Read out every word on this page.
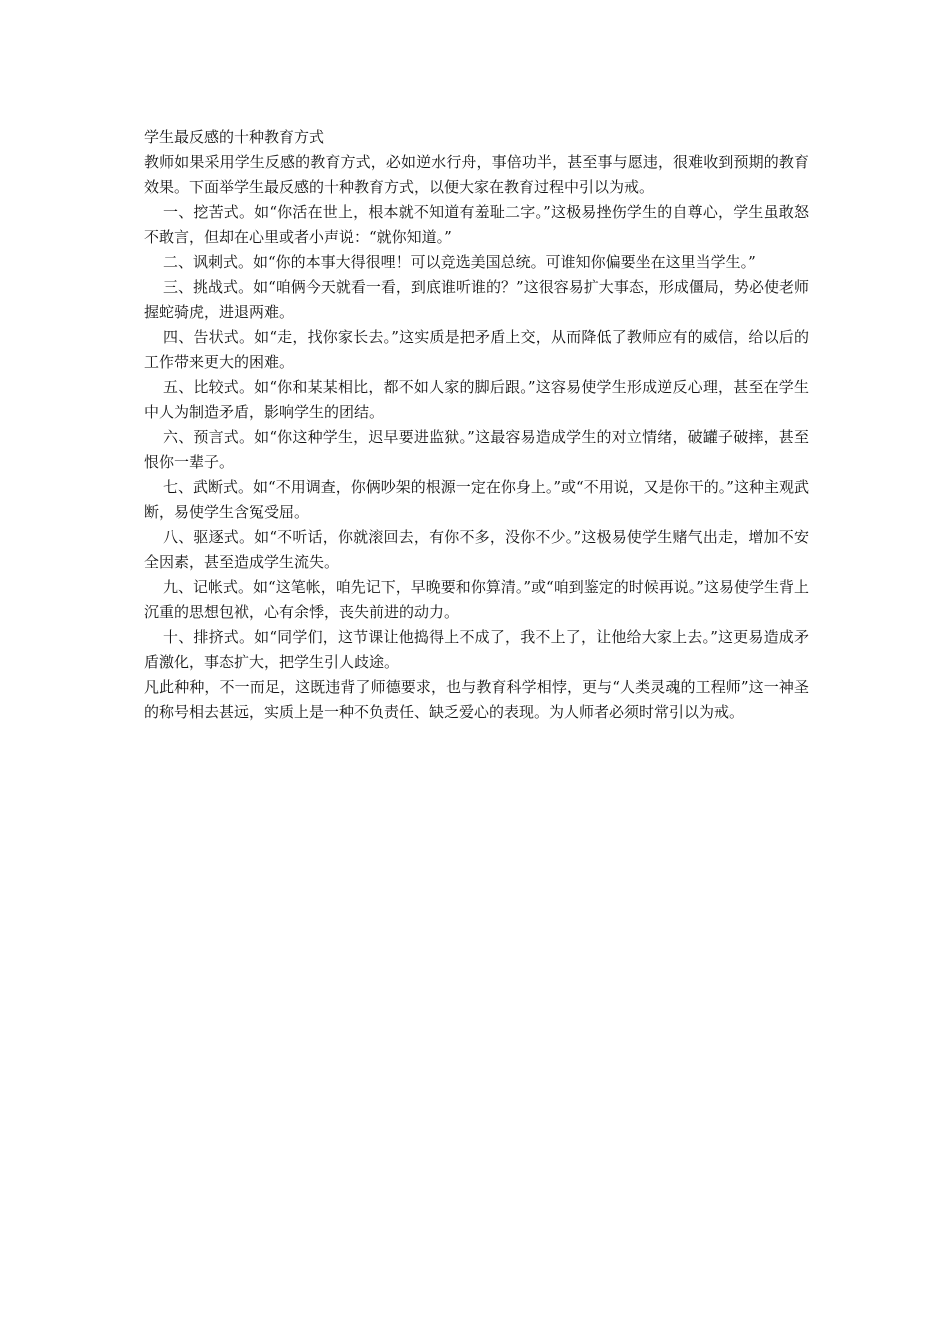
学生最反感的十种教育方式

教师如果采用学生反感的教育方式，必如逆水行舟，事倍功半，甚至事与愿违，很难收到预期的教育效果。下面举学生最反感的十种教育方式，以便大家在教育过程中引以为戒。

一、挖苦式。如“你活在世上，根本就不知道有羞耻二字。”这极易挫伤学生的自尊心，学生虽敢怒不敢言，但却在心里或者小声说：“就你知道。”

二、讽刺式。如“你的本事大得很哩！可以竞选美国总统。可谁知你偏要坐在这里当学生。”

三、挑战式。如“咱俩今天就看一看，到底谁听谁的？”这很容易扩大事态，形成僵局，势必使老师握蛇骑虎，进退两难。

四、告状式。如“走，找你家长去。”这实质是把矛盾上交，从而降低了教师应有的威信，给以后的工作带来更大的困难。

五、比较式。如“你和某某相比，都不如人家的脚后跟。”这容易使学生形成逆反心理，甚至在学生中人为制造矛盾，影响学生的团结。

六、预言式。如“你这种学生，迟早要进监狱。”这最容易造成学生的对立情绪，破罐子破摔，甚至恨你一辈子。

七、武断式。如“不用调查，你俩吵架的根源一定在你身上。”或“不用说，又是你干的。”这种主观武断，易使学生含冤受屈。

八、驱逐式。如“不听话，你就滚回去，有你不多，没你不少。”这极易使学生赌气出走，增加不安全因素，甚至造成学生流失。

九、记帐式。如“这笔帐，咱先记下，早晚要和你算清。”或“咱到鉴定的时候再说。”这易使学生背上沉重的思想包袱，心有余悸，丧失前进的动力。

十、排挤式。如“同学们，这节课让他捣得上不成了，我不上了，让他给大家上去。”这更易造成矛盾激化，事态扩大，把学生引人歧途。

凡此种种，不一而足，这既违背了师德要求，也与教育科学相悖，更与“人类灵魂的工程师”这一神圣的称号相去甚远，实质上是一种不负责任、缺乏爱心的表现。为人师者必须时常引以为戒。
